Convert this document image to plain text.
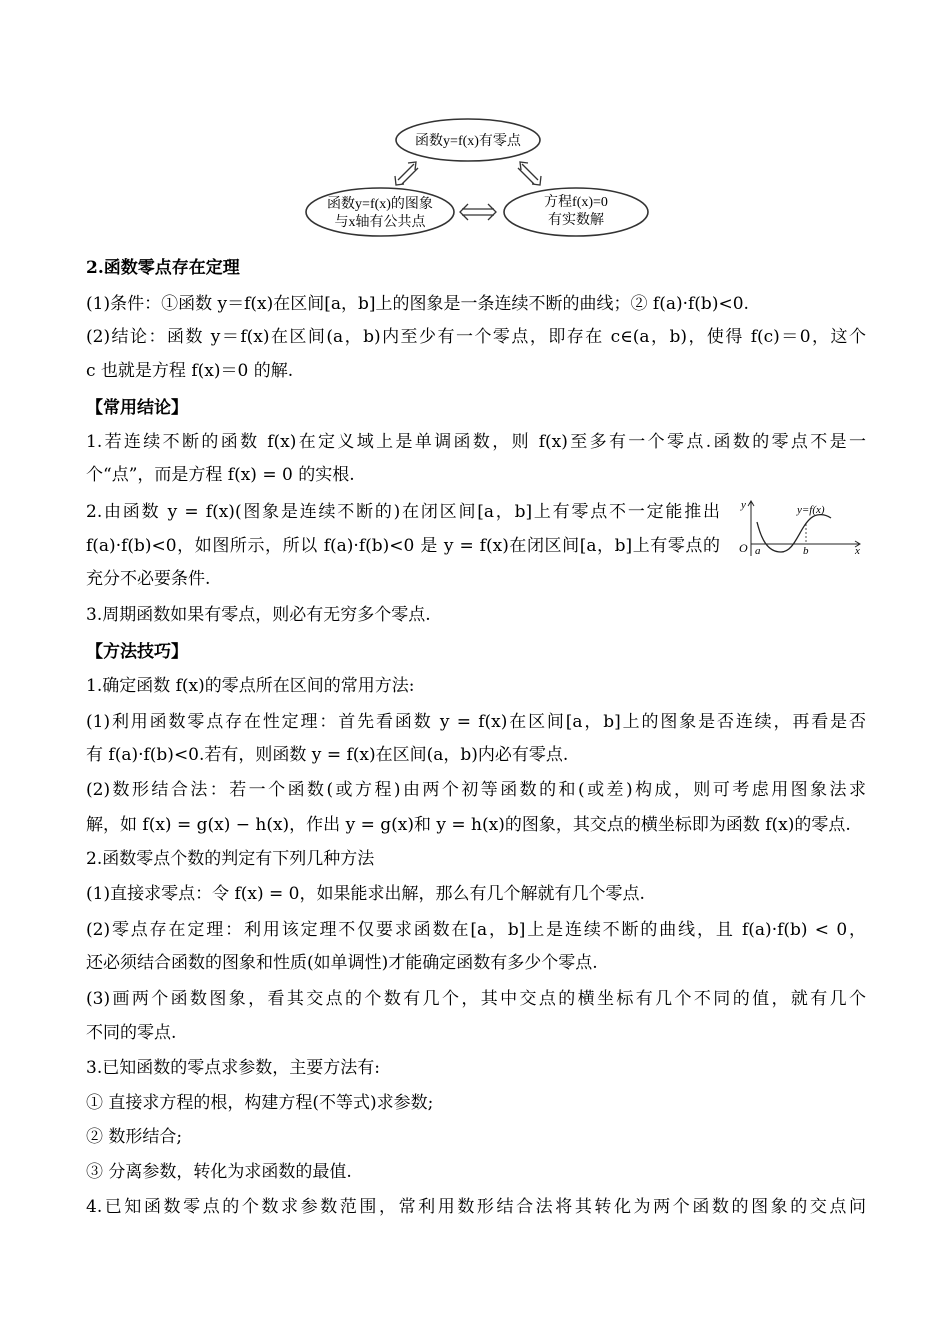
函数y=f(x)有零点
函数y=f(x)的图象
与x轴有公共点
方程f(x)=0
有实数解
2.函数零点存在定理
(1)条件：①函数 y＝f(x)在区间[a，b]上的图象是一条连续不断的曲线；② f(a)·f(b)<0.
(2)结论：函数 y＝f(x)在区间(a，b)内至少有一个零点，即存在 c∈(a，b)，使得 f(c)＝0，这个
c 也就是方程 f(x)＝0 的解.
【常用结论】
1.若连续不断的函数 f(x)在定义域上是单调函数，则 f(x)至多有一个零点.函数的零点不是一
个“点”，而是方程 f(x) = 0 的实根.
2.由函数 y = f(x)(图象是连续不断的)在闭区间[a，b]上有零点不一定能推出
f(a)·f(b)<0，如图所示，所以 f(a)·f(b)<0 是 y = f(x)在闭区间[a，b]上有零点的
充分不必要条件.
3.周期函数如果有零点，则必有无穷多个零点.
y	y=f(x)
O a	b	x
【方法技巧】
1.确定函数 f(x)的零点所在区间的常用方法:
(1)利用函数零点存在性定理：首先看函数 y = f(x)在区间[a，b]上的图象是否连续，再看是否
有 f(a)·f(b)<0.若有，则函数 y = f(x)在区间(a，b)内必有零点.
(2)数形结合法：若一个函数(或方程)由两个初等函数的和(或差)构成，则可考虑用图象法求
解，如 f(x) = g(x) − h(x)，作出 y = g(x)和 y = h(x)的图象，其交点的横坐标即为函数 f(x)的零点.
2.函数零点个数的判定有下列几种方法
(1)直接求零点：令 f(x) = 0，如果能求出解，那么有几个解就有几个零点.
(2)零点存在定理：利用该定理不仅要求函数在[a，b]上是连续不断的曲线，且 f(a)·f(b) < 0，
还必须结合函数的图象和性质(如单调性)才能确定函数有多少个零点.
(3)画两个函数图象，看其交点的个数有几个，其中交点的横坐标有几个不同的值，就有几个
不同的零点.
3.已知函数的零点求参数，主要方法有:
① 直接求方程的根，构建方程(不等式)求参数;
② 数形结合;
③ 分离参数，转化为求函数的最值.
4.已知函数零点的个数求参数范围，常利用数形结合法将其转化为两个函数的图象的交点问
